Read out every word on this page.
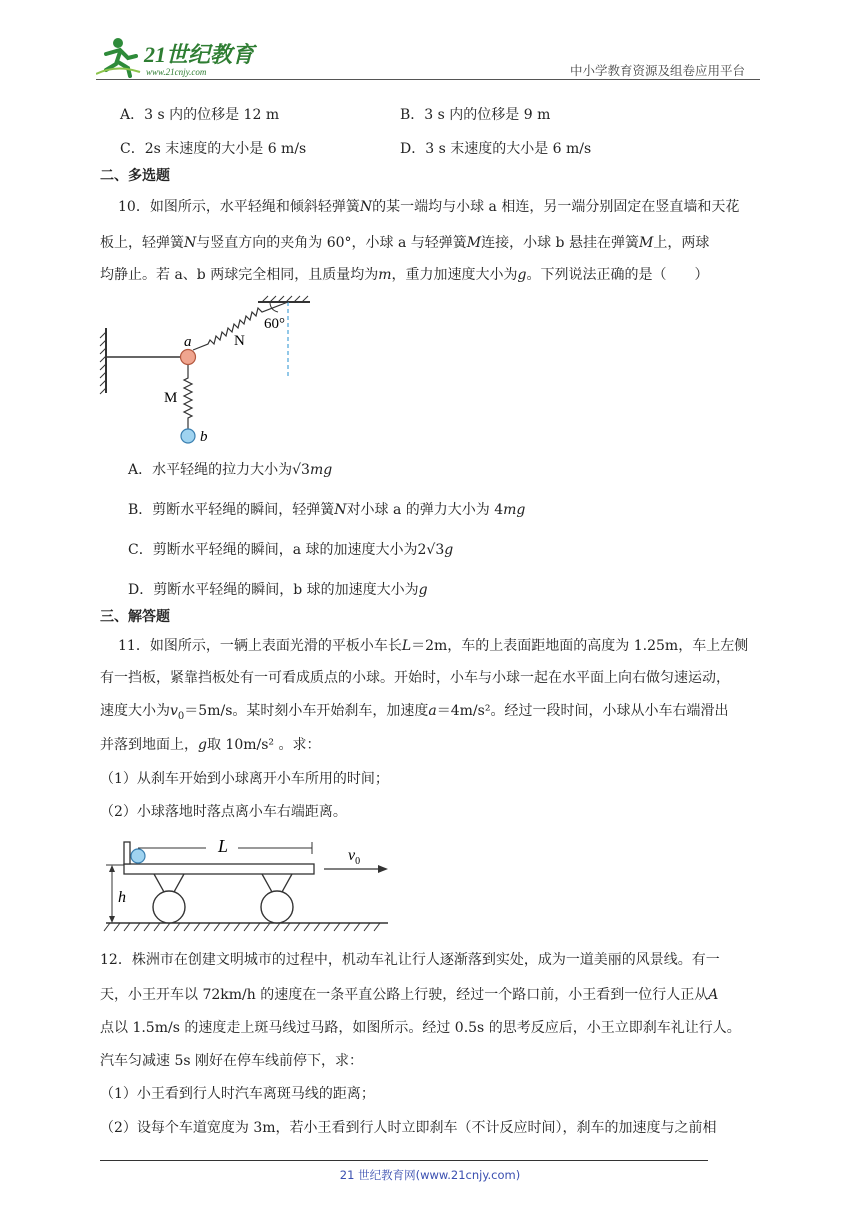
21世纪教育
www.21cnjy.com	中小学教育资源及组卷应用平台
A．3 s 内的位移是 12 m	B．3 s 内的位移是 9 m
C．2s 末速度的大小是 6 m/s	D．3 s 末速度的大小是 6 m/s
二、多选题
10．如图所示，水平轻绳和倾斜轻弹簧N的某一端均与小球 a 相连，另一端分别固定在竖直墙和天花
板上，轻弹簧N与竖直方向的夹角为 60°，小球 a 与轻弹簧M连接，小球 b 悬挂在弹簧M上，两球
均静止。若 a、b 两球完全相同，且质量均为m，重力加速度大小为g。下列说法正确的是（　　）
60°
N
a
M
b
A．水平轻绳的拉力大小为√3mg
B．剪断水平轻绳的瞬间，轻弹簧N对小球 a 的弹力大小为 4mg
C．剪断水平轻绳的瞬间，a 球的加速度大小为2√3g
D．剪断水平轻绳的瞬间，b 球的加速度大小为g
三、解答题
11．如图所示，一辆上表面光滑的平板小车长L＝2m，车的上表面距地面的高度为 1.25m，车上左侧
有一挡板，紧靠挡板处有一可看成质点的小球。开始时，小车与小球一起在水平面上向右做匀速运动，
速度大小为$v_0=5m/s$。某时刻小车开始刹车，加速度a＝4m/s²。经过一段时间，小球从小车右端滑出
并落到地面上，g取 10m/s² 。求：
（1）从刹车开始到小球离开小车所用的时间；
（2）小球落地时落点离小车右端距离。
L	$v_0$
h
12．株洲市在创建文明城市的过程中，机动车礼让行人逐渐落到实处，成为一道美丽的风景线。有一
天，小王开车以 72km/h 的速度在一条平直公路上行驶，经过一个路口前，小王看到一位行人正从A
点以 1.5m/s 的速度走上斑马线过马路，如图所示。经过 0.5s 的思考反应后，小王立即刹车礼让行人。
汽车匀减速 5s 刚好在停车线前停下，求：
（1）小王看到行人时汽车离斑马线的距离；
（2）设每个车道宽度为 3m，若小王看到行人时立即刹车（不计反应时间），刹车的加速度与之前相
21 世纪教育网(www.21cnjy.com)
